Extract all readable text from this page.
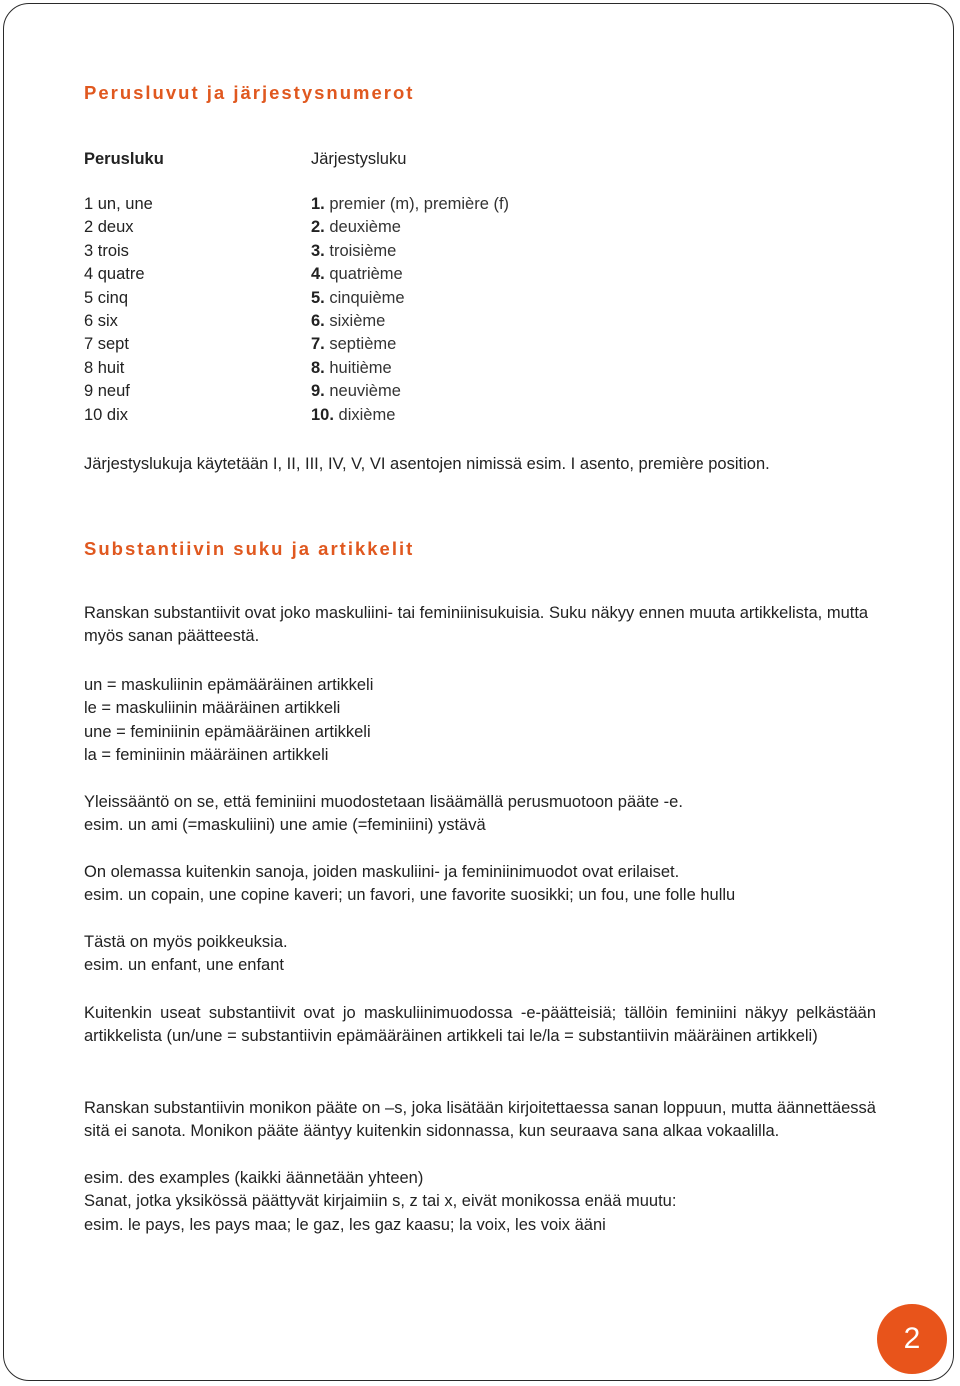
Perusluvut ja järjestysnumerot

Perusluku	Järjestysluku

1 un, une	1. premier (m), première (f)
2 deux	2. deuxième
3 trois	3. troisième
4 quatre	4. quatrième
5 cinq	5. cinquième
6 six	6. sixième
7 sept	7. septième
8 huit	8. huitième
9 neuf	9. neuvième
10 dix	10. dixième

Järjestyslukuja käytetään I, II, III, IV, V, VI asentojen nimissä esim. I asento, première position.

Substantiivin suku ja artikkelit

Ranskan substantiivit ovat joko maskuliini- tai feminiinisukuisia. Suku näkyy ennen muuta artikkelista, mutta myös sanan päätteestä.

un = maskuliinin epämääräinen artikkeli
le = maskuliinin määräinen artikkeli
une = feminiinin epämääräinen artikkeli
la = feminiinin määräinen artikkeli
Yleissääntö on se, että feminiini muodostetaan lisäämällä perusmuotoon pääte -e.
esim. un ami (=maskuliini) une amie (=feminiini) ystävä
On olemassa kuitenkin sanoja, joiden maskuliini- ja feminiinimuodot ovat erilaiset.
esim. un copain, une copine kaveri; un favori, une favorite suosikki; un fou, une folle hullu
Tästä on myös poikkeuksia.
esim. un enfant, une enfant

Kuitenkin useat substantiivit ovat jo maskuliinimuodossa -e-päätteisiä; tällöin feminiini näkyy pelkästään artikkelista (un/une = substantiivin epämääräinen artikkeli tai le/la = substantiivin määräinen artikkeli)

Ranskan substantiivin monikon pääte on –s, joka lisätään kirjoitettaessa sanan loppuun, mutta äännettäessä sitä ei sanota. Monikon pääte ääntyy kuitenkin sidonnassa, kun seuraava sana alkaa vokaalilla.

esim. des examples (kaikki äännetään yhteen)
Sanat, jotka yksikössä päättyvät kirjaimiin s, z tai x, eivät monikossa enää muutu:
esim. le pays, les pays maa; le gaz, les gaz kaasu; la voix, les voix ääni
2
